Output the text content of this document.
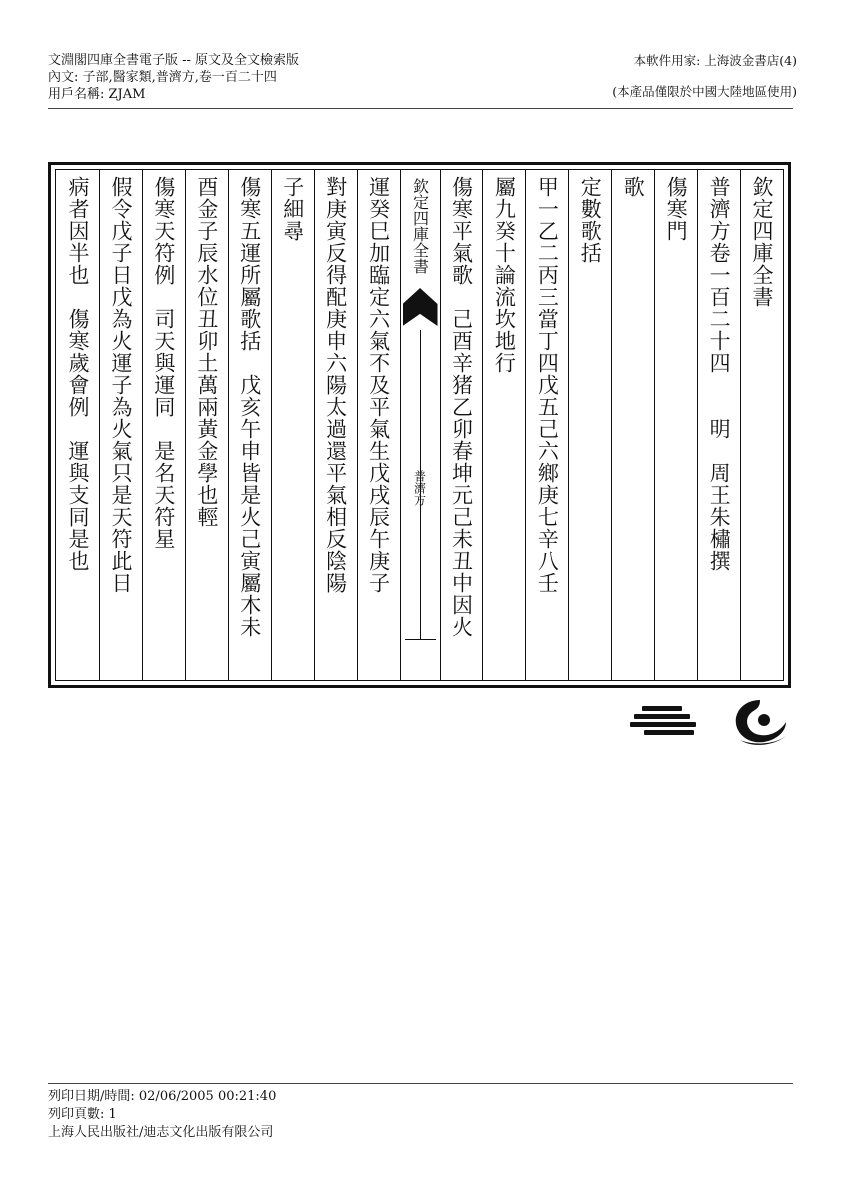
文淵閣四庫全書電子版 -- 原文及全文檢索版
內文: 子部,醫家類,普濟方,卷一百二十四
用戶名稱: ZJAM
本軟件用家: 上海波金書店(4)
(本產品僅限於中國大陸地區使用)
欽定四庫全書
普濟方卷一百二十四　　明　周王朱橚撰
傷寒門
歌
定數歌括
甲一乙二丙三當丁四戊五己六鄉庚七辛八壬
屬九癸十論流坎地行
傷寒平氣歌　己酉辛猪乙卯春坤元己未丑中因火
欽定四庫全書
普濟方
運癸巳加臨定六氣不及平氣生戊戌辰午庚子
對庚寅反得配庚申六陽太過還平氣相反陰陽
子細尋
傷寒五運所屬歌括　戊亥午申皆是火己寅屬木未
酉金子辰水位丑卯土萬兩黃金學也輕
傷寒天符例　司天與運同　是名天符星
假令戊子日戊為火運子為火氣只是天符此日
病者因半也　傷寒歲會例　運與支同是也
列印日期/時間: 02/06/2005 00:21:40
列印頁數: 1
上海人民出版社/迪志文化出版有限公司
